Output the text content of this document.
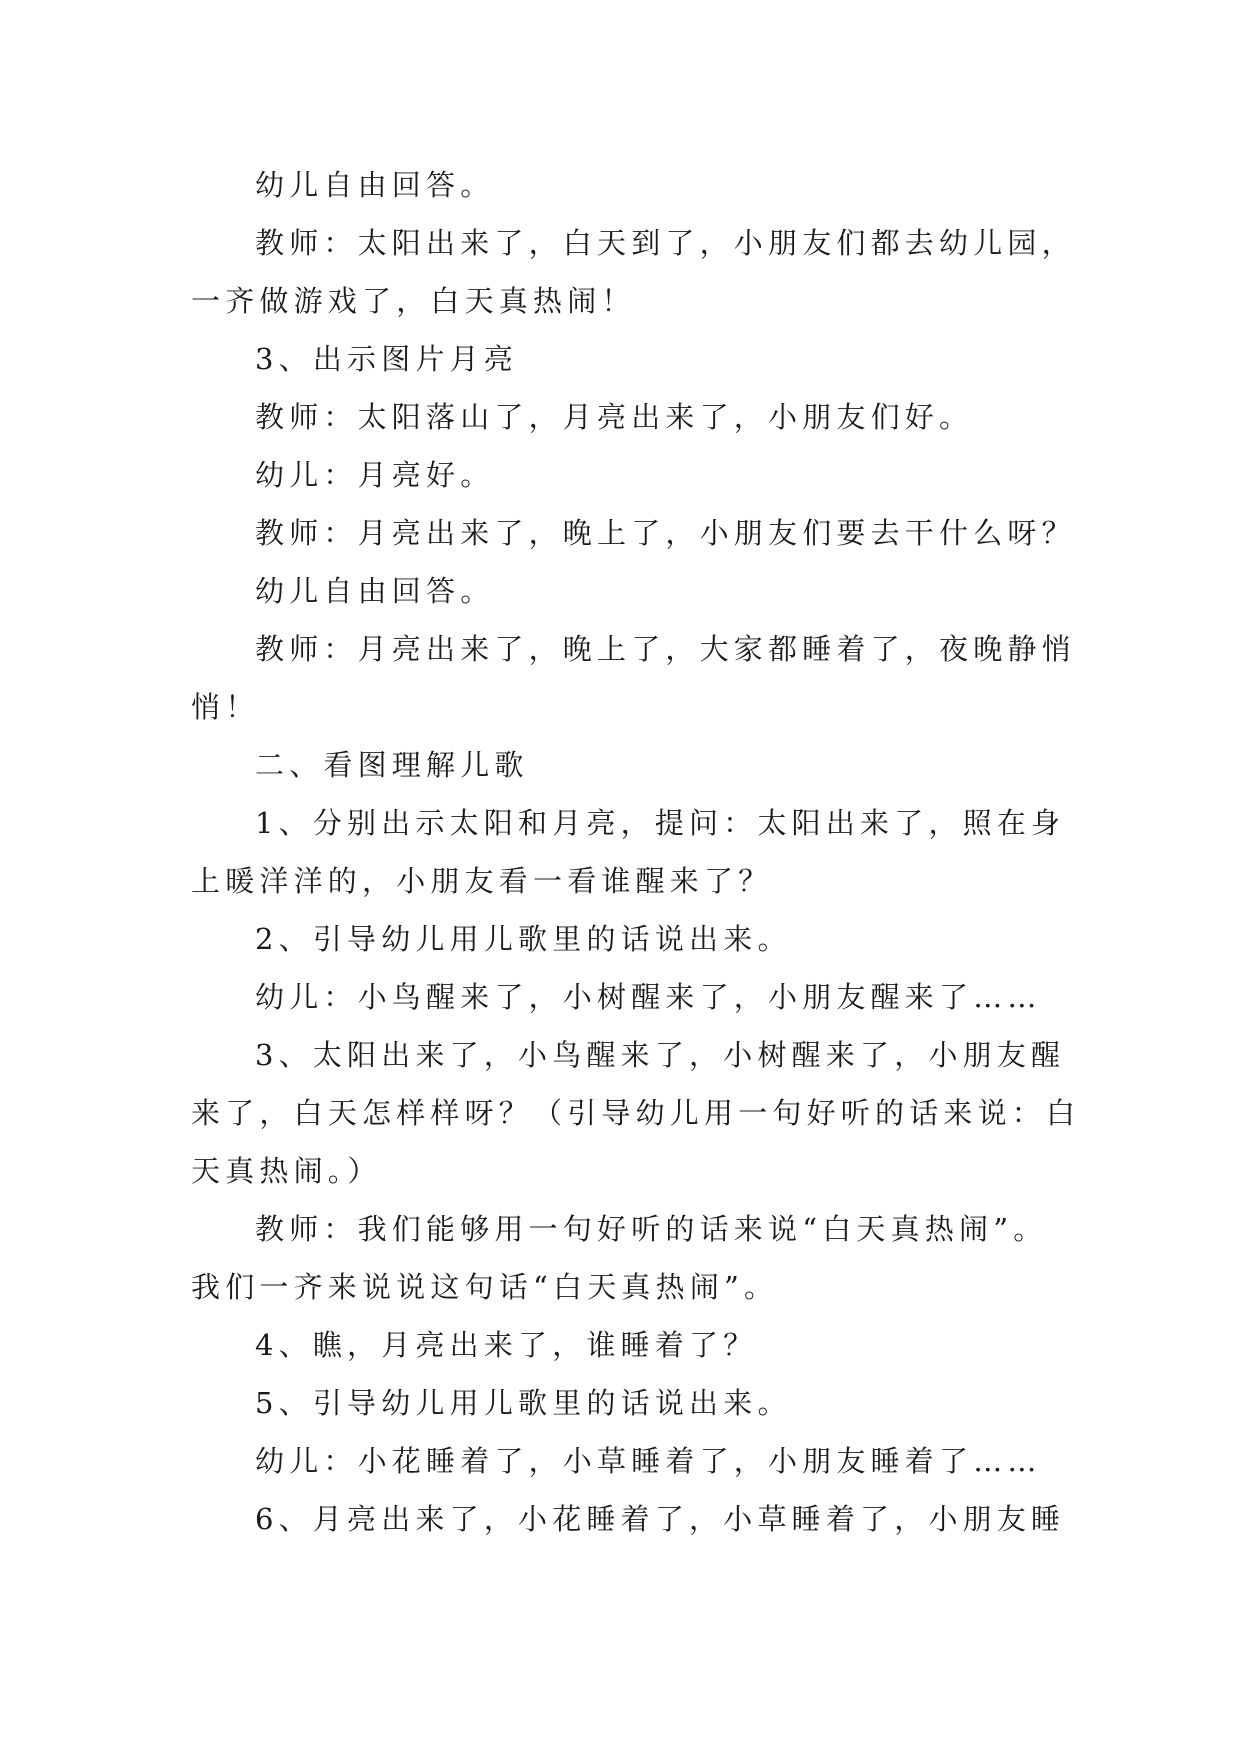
幼儿自由回答。
教师：太阳出来了，白天到了，小朋友们都去幼儿园，
一齐做游戏了，白天真热闹！
3、出示图片月亮
教师：太阳落山了，月亮出来了，小朋友们好。
幼儿：月亮好。
教师：月亮出来了，晚上了，小朋友们要去干什么呀？
幼儿自由回答。
教师：月亮出来了，晚上了，大家都睡着了，夜晚静悄
悄！
二、看图理解儿歌
1、分别出示太阳和月亮，提问：太阳出来了，照在身
上暖洋洋的，小朋友看一看谁醒来了？
2、引导幼儿用儿歌里的话说出来。
幼儿：小鸟醒来了，小树醒来了，小朋友醒来了……
3、太阳出来了，小鸟醒来了，小树醒来了，小朋友醒
来了，白天怎样样呀？（引导幼儿用一句好听的话来说：白
天真热闹。）
教师：我们能够用一句好听的话来说“白天真热闹”。
我们一齐来说说这句话“白天真热闹”。
4、瞧，月亮出来了，谁睡着了？
5、引导幼儿用儿歌里的话说出来。
幼儿：小花睡着了，小草睡着了，小朋友睡着了……
6、月亮出来了，小花睡着了，小草睡着了，小朋友睡
